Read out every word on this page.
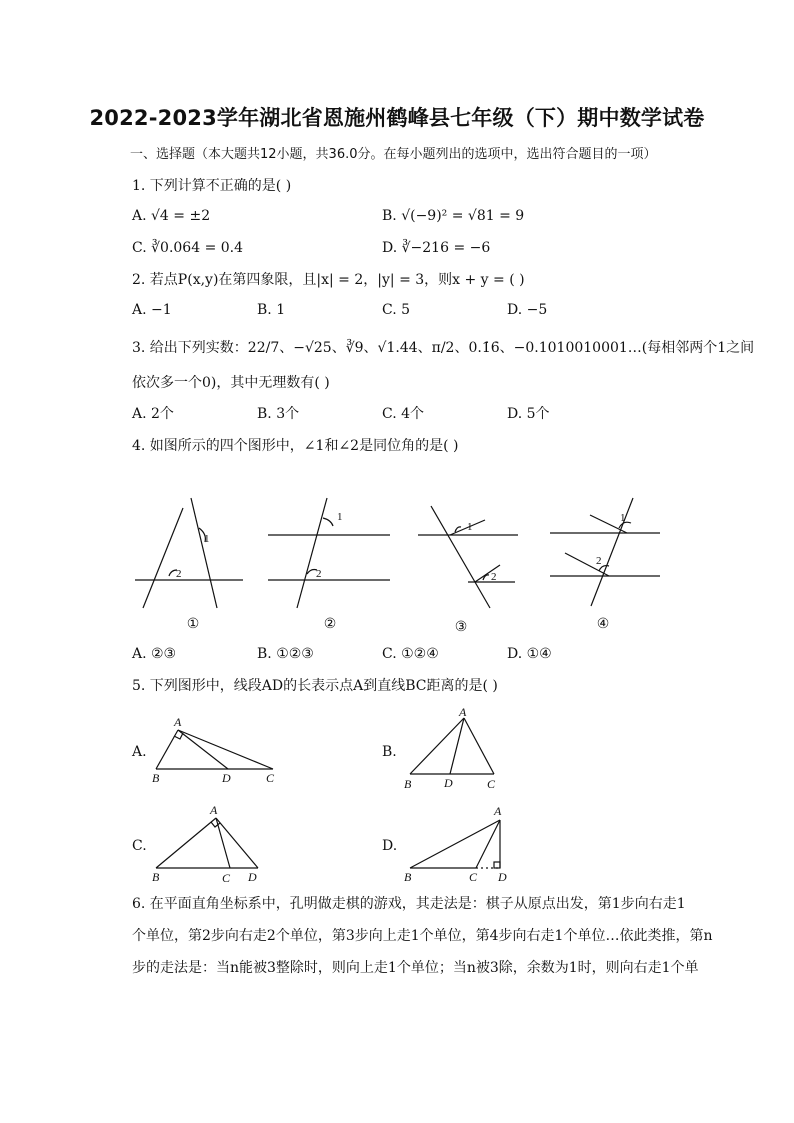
2022-2023学年湖北省恩施州鹤峰县七年级（下）期中数学试卷
一、选择题（本大题共12小题，共36.0分。在每小题列出的选项中，选出符合题目的一项）
1. 下列计算不正确的是( )
A. √4 = ±2	B. √(−9)² = √81 = 9
C. ∛0.064 = 0.4	D. ∛−216 = −6
2. 若点P(x,y)在第四象限，且|x| = 2，|y| = 3，则x + y = ( )
A. −1	B. 1	C. 5	D. −5
3. 给出下列实数：22/7、−√25、∛9、√1.44、π/2、0.1̇6̇、−0.1010010001…(每相邻两个1之间
依次多一个0)，其中无理数有( )
A. 2个	B. 3个	C. 4个	D. 5个
4. 如图所示的四个图形中，∠1和∠2是同位角的是( )
1
2
1
2
1
2
1
2
①	②	③	④
A. ②③	B. ①②③	C. ①②④	D. ①④
5. 下列图形中，线段AD的长表示点A到直线BC距离的是( )
A.	B.
C.	D.
A
B	D	C
A
B	D	C
A
B	C D
A
B	C D
6. 在平面直角坐标系中，孔明做走棋的游戏，其走法是：棋子从原点出发，第1步向右走1
个单位，第2步向右走2个单位，第3步向上走1个单位，第4步向右走1个单位…依此类推，第n
步的走法是：当n能被3整除时，则向上走1个单位；当n被3除，余数为1时，则向右走1个单
